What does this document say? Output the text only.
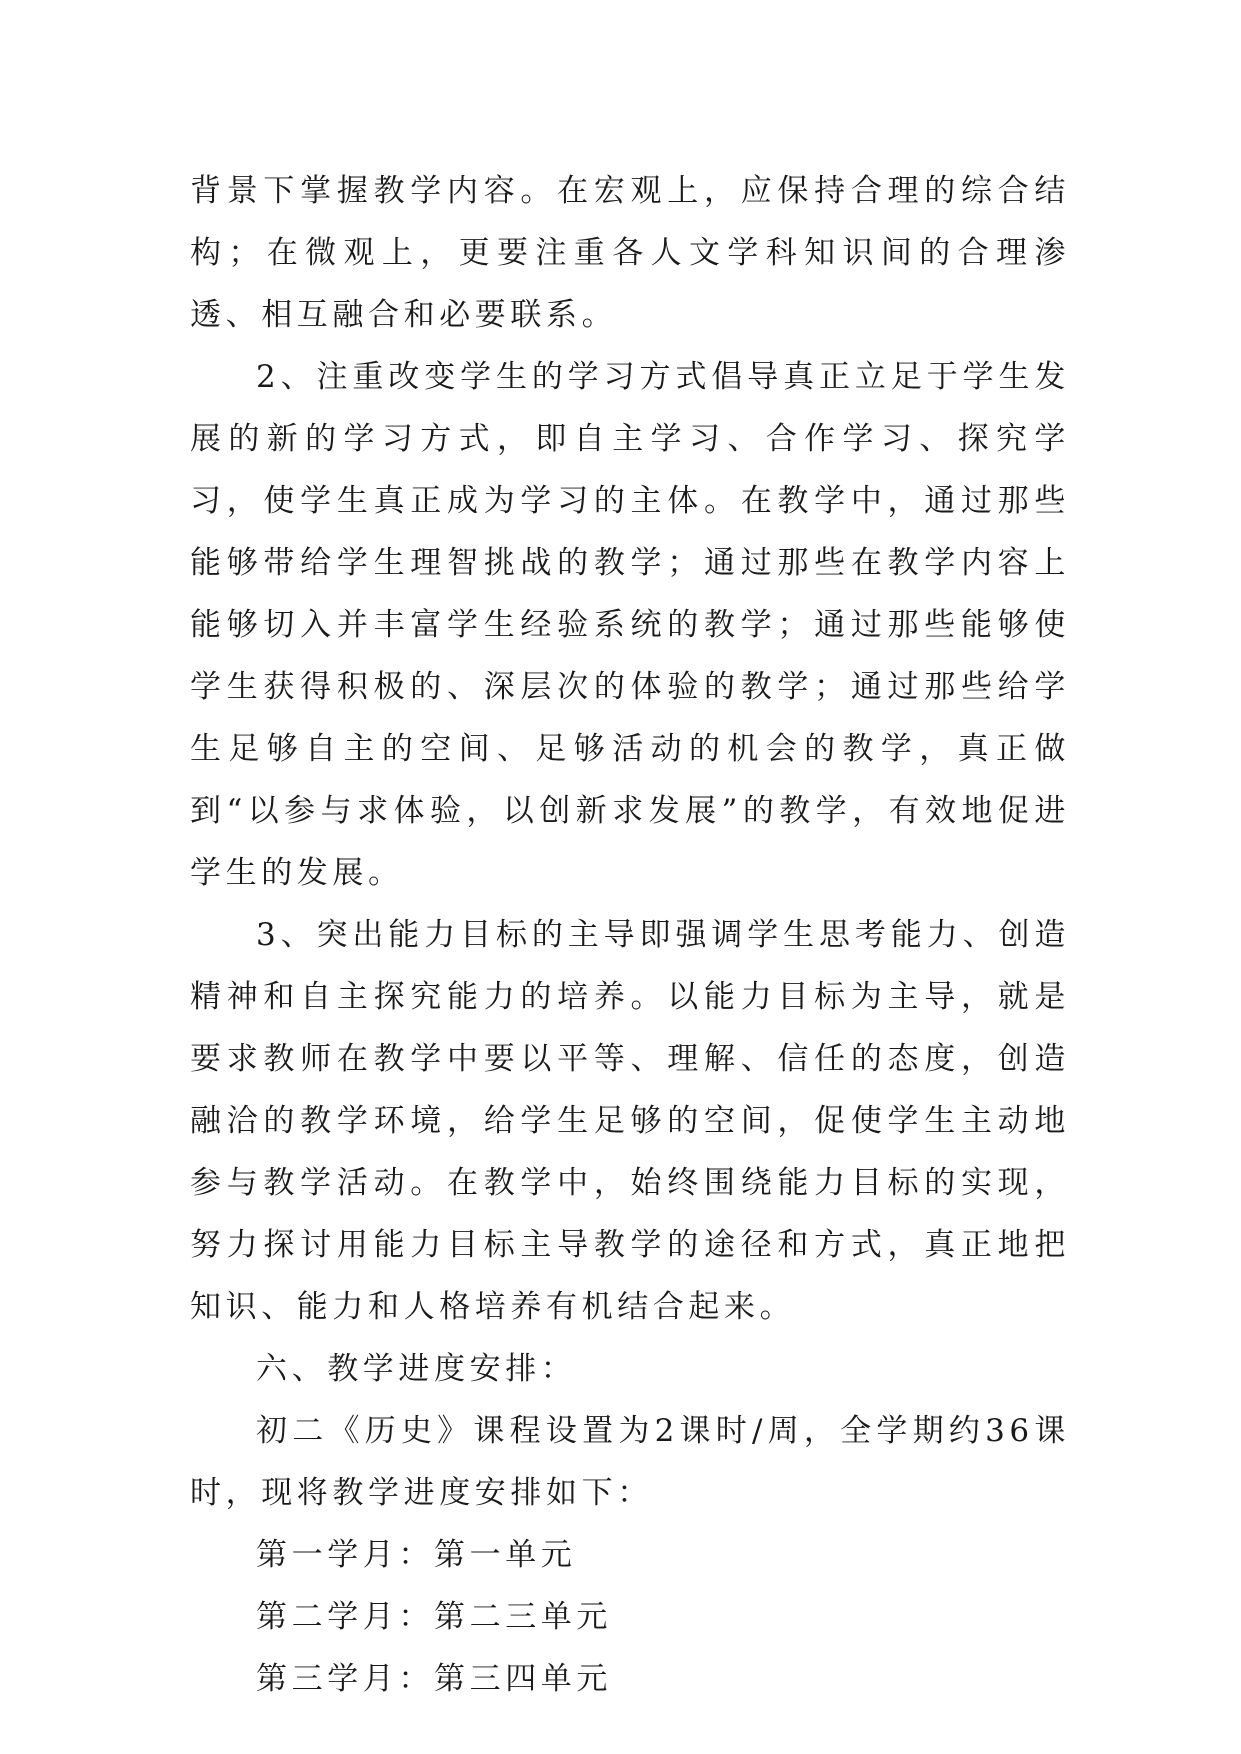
背景下掌握教学内容。在宏观上，应保持合理的综合结构；在微观上，更要注重各人文学科知识间的合理渗透、相互融合和必要联系。

2、注重改变学生的学习方式倡导真正立足于学生发展的新的学习方式，即自主学习、合作学习、探究学习，使学生真正成为学习的主体。在教学中，通过那些能够带给学生理智挑战的教学；通过那些在教学内容上能够切入并丰富学生经验系统的教学；通过那些能够使学生获得积极的、深层次的体验的教学；通过那些给学生足够自主的空间、足够活动的机会的教学，真正做到“以参与求体验，以创新求发展”的教学，有效地促进学生的发展。

3、突出能力目标的主导即强调学生思考能力、创造精神和自主探究能力的培养。以能力目标为主导，就是要求教师在教学中要以平等、理解、信任的态度，创造融洽的教学环境，给学生足够的空间，促使学生主动地参与教学活动。在教学中，始终围绕能力目标的实现，努力探讨用能力目标主导教学的途径和方式，真正地把知识、能力和人格培养有机结合起来。

六、教学进度安排：

初二《历史》课程设置为2课时/周，全学期约36课时，现将教学进度安排如下：

第一学月：第一单元

第二学月：第二三单元

第三学月：第三四单元
